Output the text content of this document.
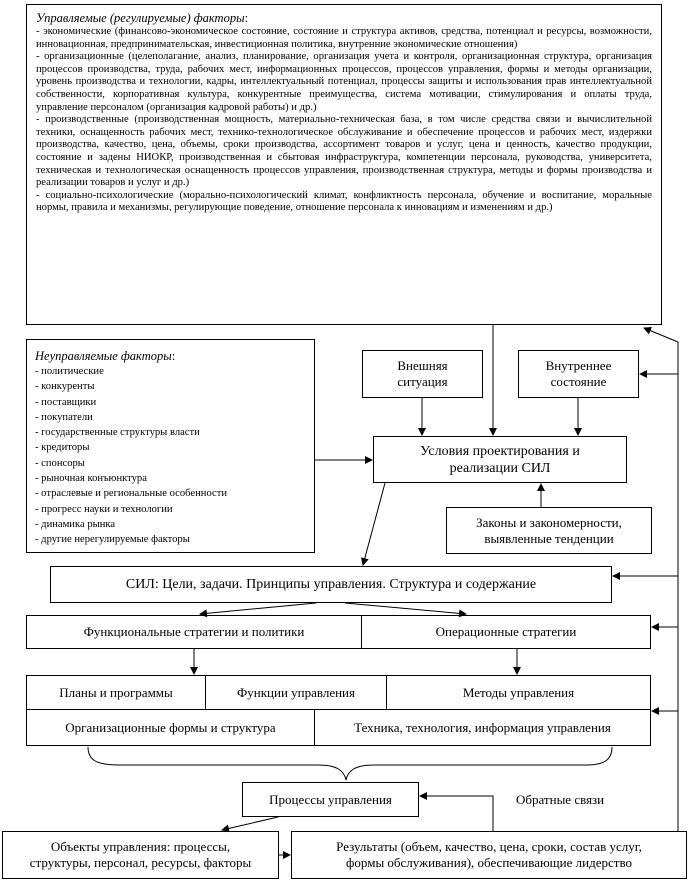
Управляемые (регулируемые) факторы:

- экономические (финансово-экономическое состояние, состояние и структура активов, средства, потенциал и ресурсы, возможности, инновационная, предпринимательская, инвестиционная политика, внутренние экономические отношения)

- организационные (целеполагание, анализ, планирование, организация учета и контроля, организационная структура, организация процессов производства, труда, рабочих мест, информационных процессов, процессов управления, формы и методы организации, уровень производства и технологии, кадры, интеллектуальный потенциал, процессы защиты и использования прав интеллектуальной собственности, корпоративная культура, конкурентные преимущества, система мотивации, стимулирования и оплаты труда, управление персоналом (организация кадровой работы) и др.)

- производственные (производственная мощность, материально-техническая база, в том числе средства связи и вычислительной техники, оснащенность рабочих мест, технико-технологическое обслуживание и обеспечение процессов и рабочих мест, издержки производства, качество, цена, объемы, сроки производства, ассортимент товаров и услуг, цена и ценность, качество продукции, состояние и задены НИОКР, производственная и сбытовая инфраструктура, компетенции персонала, руководства, университета, техническая и технологическая оснащенность процессов управления, производственная структура, методы и формы производства и реализации товаров и услуг и др.)

- социально-психологические (морально-психологический климат, конфликтность персонала, обучение и воспитание, моральные нормы, правила и механизмы, регулирующие поведение, отношение персонала к инновациям и изменениям и др.)

Неуправляемые факторы:
- политические
- конкуренты
- поставщики
- покупатели
- государственные структуры власти
- кредиторы
- спонсоры
- рыночная конъюнктура
- отраслевые и региональные особенности
- прогресс науки и технологии
- динамика рынка
- другие нерегулируемые факторы
Внешняя
ситуация
Внутреннее
состояние
Условия проектирования и
реализации СИЛ
Законы и закономерности,
выявленные тенденции
СИЛ: Цели, задачи. Принципы управления. Структура и содержание
Функциональные стратегии и политики	Операционные стратегии
Планы и программы	Функции управления	Методы управления
Организационные формы и структура	Техника, технология, информация управления
Процессы управления	Обратные связи
Объекты управления: процессы,
структуры, персонал, ресурсы, факторы
Результаты (объем, качество, цена, сроки, состав услуг,
формы обслуживания), обеспечивающие лидерство
